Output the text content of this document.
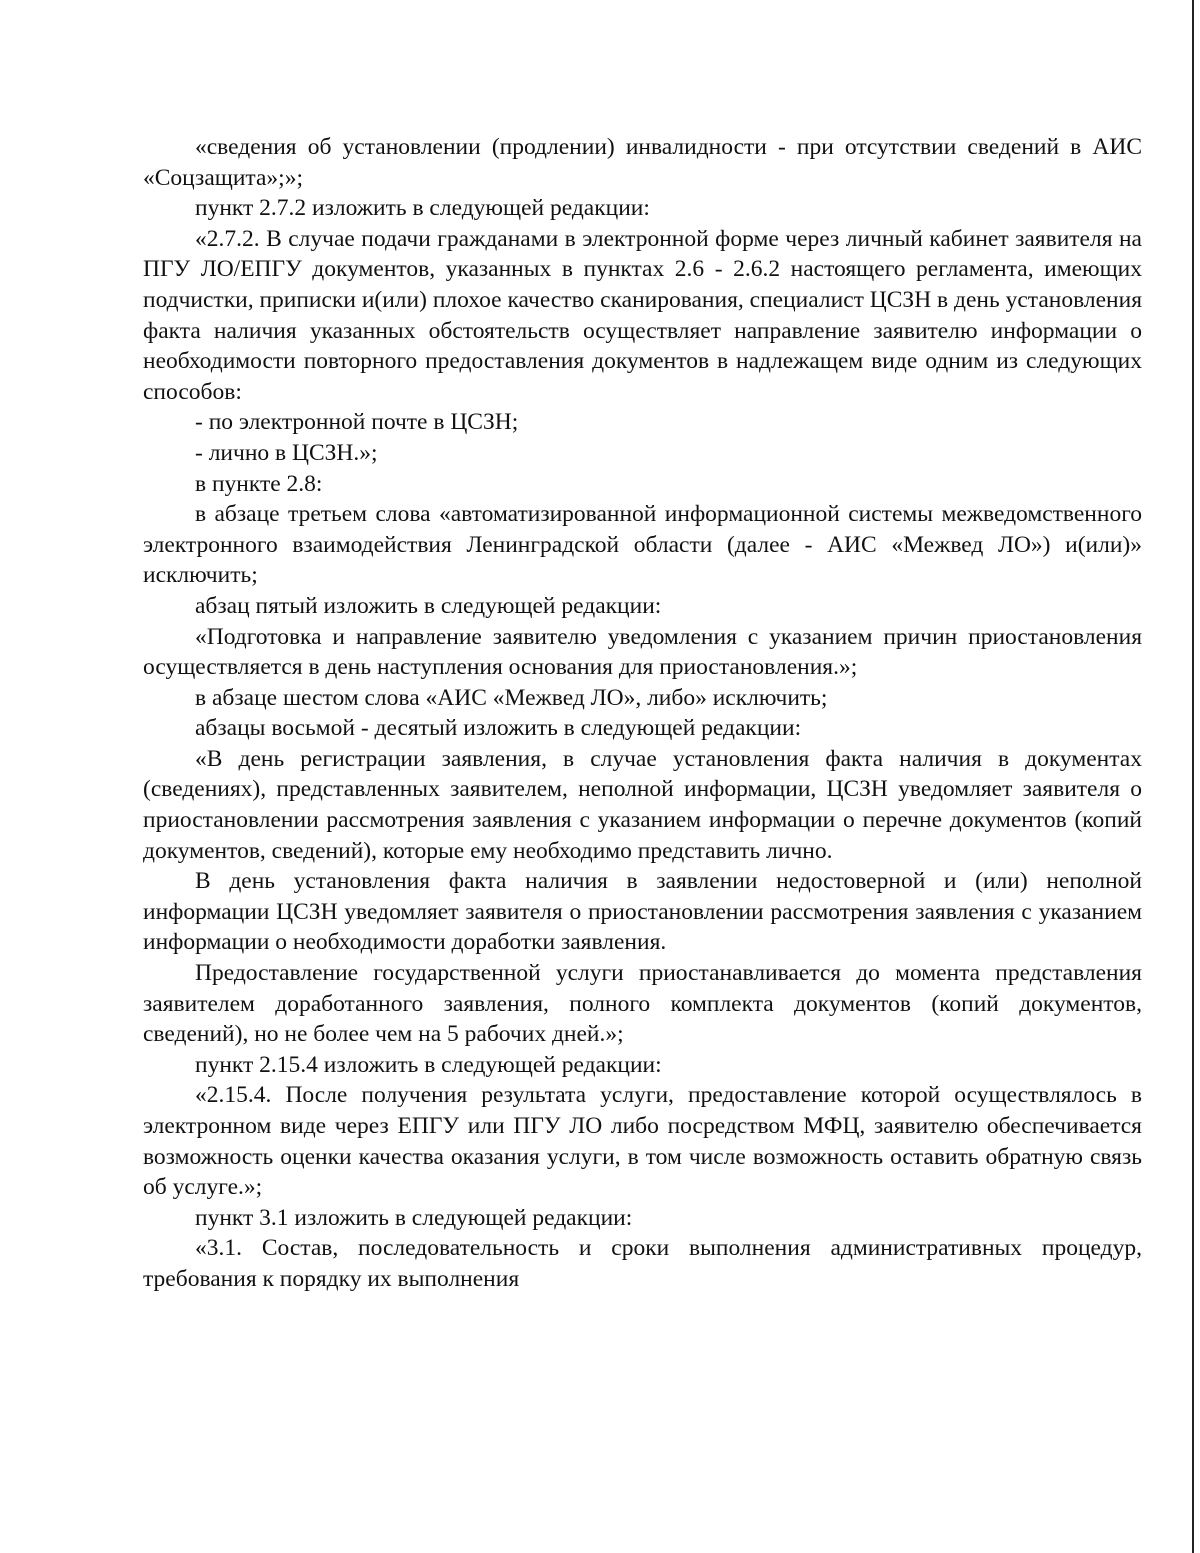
«сведения об установлении (продлении) инвалидности - при отсутствии сведений в АИС «Соцзащита»;»;

пункт 2.7.2 изложить в следующей редакции:

«2.7.2. В случае подачи гражданами в электронной форме через личный кабинет заявителя на ПГУ ЛО/ЕПГУ документов, указанных в пунктах 2.6 - 2.6.2 настоящего регламента, имеющих подчистки, приписки и(или) плохое качество сканирования, специалист ЦСЗН в день установления факта наличия указанных обстоятельств осуществляет направление заявителю информации о необходимости повторного предоставления документов в надлежащем виде одним из следующих способов:

- по электронной почте в ЦСЗН;

- лично в ЦСЗН.»;

в пункте 2.8:

в абзаце третьем слова «автоматизированной информационной системы межведомственного электронного взаимодействия Ленинградской области (далее - АИС «Межвед ЛО») и(или)» исключить;

абзац пятый изложить в следующей редакции:

«Подготовка и направление заявителю уведомления с указанием причин приостановления осуществляется в день наступления основания для приостановления.»;

в абзаце шестом слова «АИС «Межвед ЛО», либо» исключить;

абзацы восьмой - десятый изложить в следующей редакции:

«В день регистрации заявления, в случае установления факта наличия в документах (сведениях), представленных заявителем, неполной информации, ЦСЗН уведомляет заявителя о приостановлении рассмотрения заявления с указанием информации о перечне документов (копий документов, сведений), которые ему необходимо представить лично.

В день установления факта наличия в заявлении недостоверной и (или) неполной информации ЦСЗН уведомляет заявителя о приостановлении рассмотрения заявления с указанием информации о необходимости доработки заявления.

Предоставление государственной услуги приостанавливается до момента представления заявителем доработанного заявления, полного комплекта документов (копий документов, сведений), но не более чем на 5 рабочих дней.»;

пункт 2.15.4 изложить в следующей редакции:

«2.15.4. После получения результата услуги, предоставление которой осуществлялось в электронном виде через ЕПГУ или ПГУ ЛО либо посредством МФЦ, заявителю обеспечивается возможность оценки качества оказания услуги, в том числе возможность оставить обратную связь об услуге.»;

пункт 3.1 изложить в следующей редакции:

«3.1. Состав, последовательность и сроки выполнения административных процедур, требования к порядку их выполнения
